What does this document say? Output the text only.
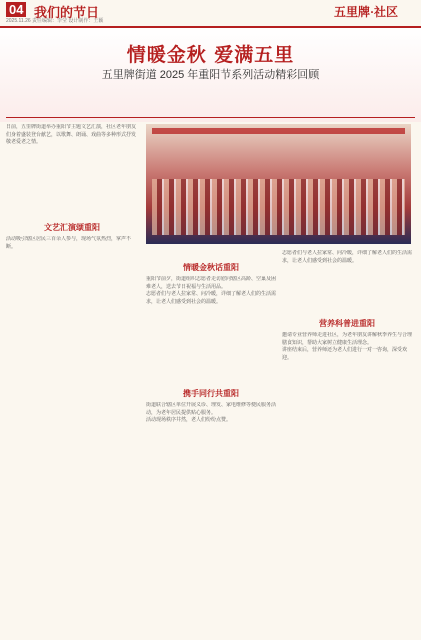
04 我们的节日
2025.11.26 责任编辑：李莹 设计制作：王颖
五里牌·社区
情暖金秋 爱满五里
五里牌街道 2025 年重阳节系列活动精彩回顾
日前，五里牌街道举办重阳节主题文艺汇演，社区老年朋友们身着盛装登台献艺，以歌舞、朗诵、戏曲等多种形式抒发敬老爱老之情。
文艺汇演颂重阳
活动吸引辖区居民三百余人参与，现场气氛热烈，掌声不断。
情暖金秋话重阳
重阳节前夕，街道组织志愿者走访慰问辖区高龄、空巢及困难老人，送去节日祝福与生活用品。
志愿者们与老人拉家常、问冷暖，详细了解老人们的生活需求，让老人们感受到社会的温暖。
携手同行共重阳
街道联合辖区单位开展义诊、理发、家电维修等便民服务活动，为老年居民提供贴心服务。
活动现场秩序井然，老人们纷纷点赞。
志愿者们与老人拉家常、问冷暖，详细了解老人们的生活需求，让老人们感受到社会的温暖。
营养科普进重阳
邀请专业营养师走进社区，为老年朋友讲解秋季养生与合理膳食知识，帮助大家树立健康生活理念。
讲座结束后，营养师还为老人们进行一对一咨询，深受欢迎。
